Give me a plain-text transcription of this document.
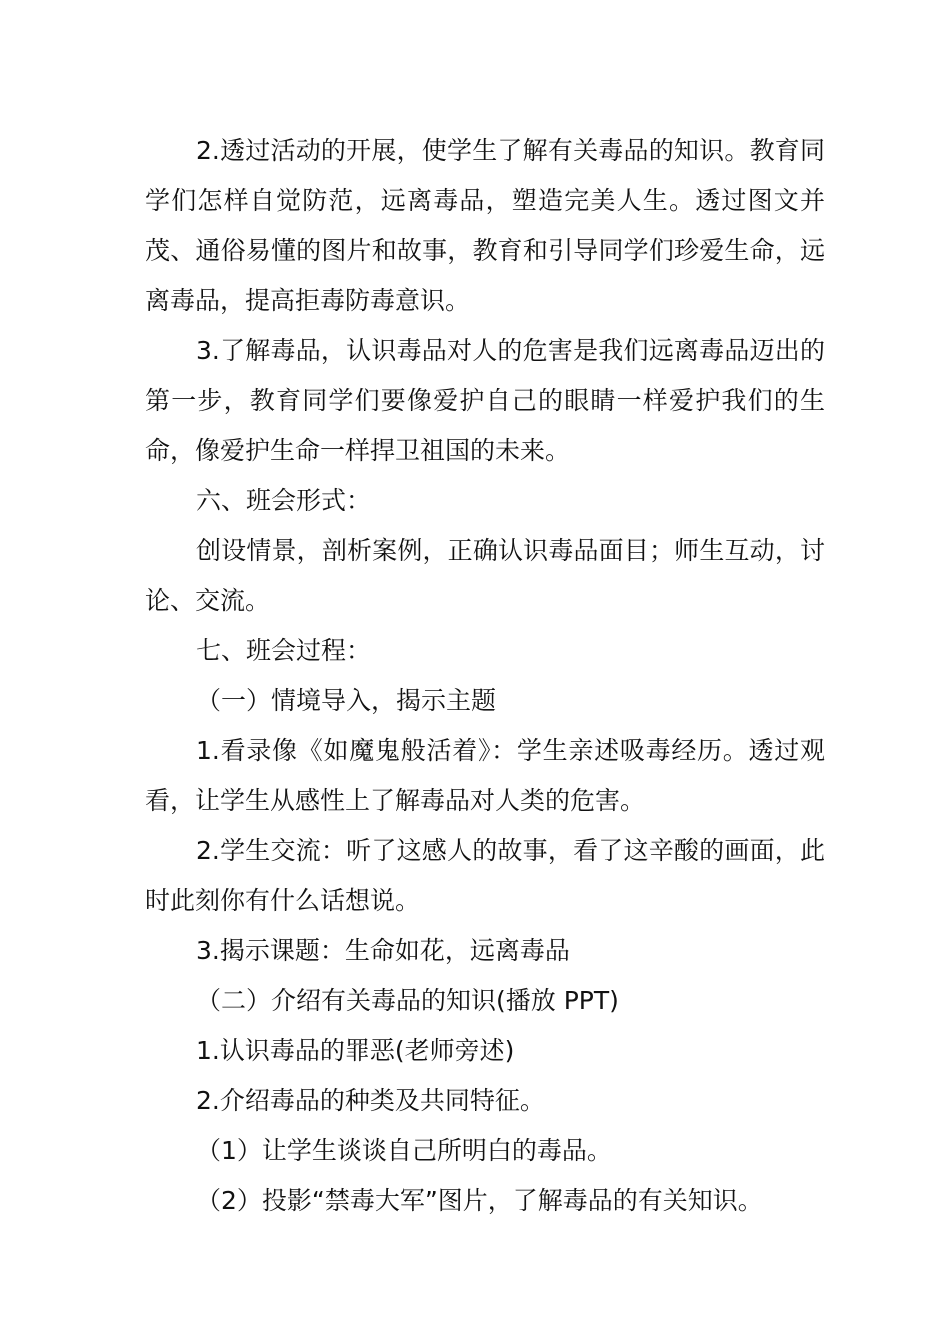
2.透过活动的开展，使学生了解有关毒品的知识。教育同学们怎样自觉防范，远离毒品，塑造完美人生。透过图文并茂、通俗易懂的图片和故事，教育和引导同学们珍爱生命，远离毒品，提高拒毒防毒意识。

3.了解毒品，认识毒品对人的危害是我们远离毒品迈出的第一步，教育同学们要像爱护自己的眼睛一样爱护我们的生命，像爱护生命一样捍卫祖国的未来。

六、班会形式：

创设情景，剖析案例，正确认识毒品面目；师生互动，讨论、交流。

七、班会过程：

（一）情境导入，揭示主题

1.看录像《如魔鬼般活着》：学生亲述吸毒经历。透过观看，让学生从感性上了解毒品对人类的危害。

2.学生交流：听了这感人的故事，看了这辛酸的画面，此时此刻你有什么话想说。

3.揭示课题：生命如花，远离毒品

（二）介绍有关毒品的知识(播放 PPT)

1.认识毒品的罪恶(老师旁述)

2.介绍毒品的种类及共同特征。

（1）让学生谈谈自己所明白的毒品。

（2）投影“禁毒大军”图片，了解毒品的有关知识。
